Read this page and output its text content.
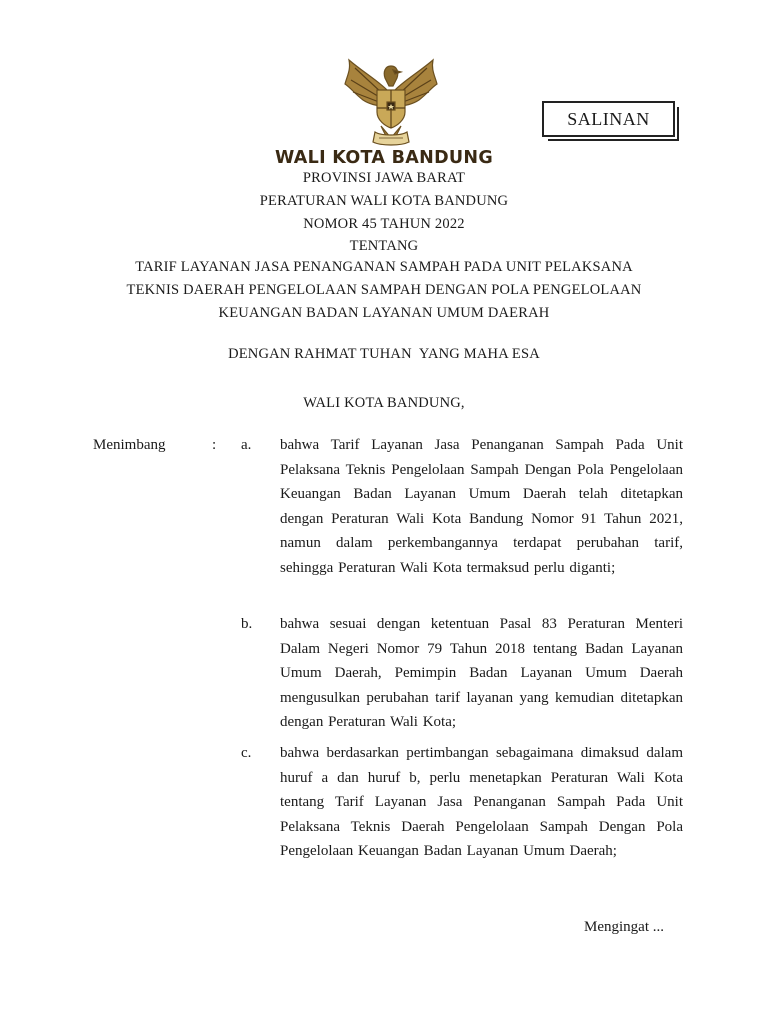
SALINAN
WALI KOTA BANDUNG
PROVINSI JAWA BARAT
PERATURAN WALI KOTA BANDUNG
NOMOR 45 TAHUN 2022
TENTANG
TARIF LAYANAN JASA PENANGANAN SAMPAH PADA UNIT PELAKSANA
TEKNIS DAERAH PENGELOLAAN SAMPAH DENGAN POLA PENGELOLAAN
KEUANGAN BADAN LAYANAN UMUM DAERAH
DENGAN RAHMAT TUHAN  YANG MAHA ESA
WALI KOTA BANDUNG,
Menimbang	: a. bahwa Tarif Layanan Jasa Penanganan Sampah Pada Unit Pelaksana Teknis Pengelolaan Sampah Dengan Pola Pengelolaan Keuangan Badan Layanan Umum Daerah telah ditetapkan dengan Peraturan Wali Kota Bandung Nomor 91 Tahun 2021, namun dalam perkembangannya terdapat perubahan tarif, sehingga Peraturan Wali Kota termaksud perlu diganti;
b. bahwa sesuai dengan ketentuan Pasal 83 Peraturan Menteri Dalam Negeri Nomor 79 Tahun 2018 tentang Badan Layanan Umum Daerah, Pemimpin Badan Layanan Umum Daerah mengusulkan perubahan tarif layanan yang kemudian ditetapkan dengan Peraturan Wali Kota;
c. bahwa berdasarkan pertimbangan sebagaimana dimaksud dalam huruf a dan huruf b, perlu menetapkan Peraturan Wali Kota tentang Tarif Layanan Jasa Penanganan Sampah Pada Unit Pelaksana Teknis Daerah Pengelolaan Sampah Dengan Pola Pengelolaan Keuangan Badan Layanan Umum Daerah;
Mengingat ...
